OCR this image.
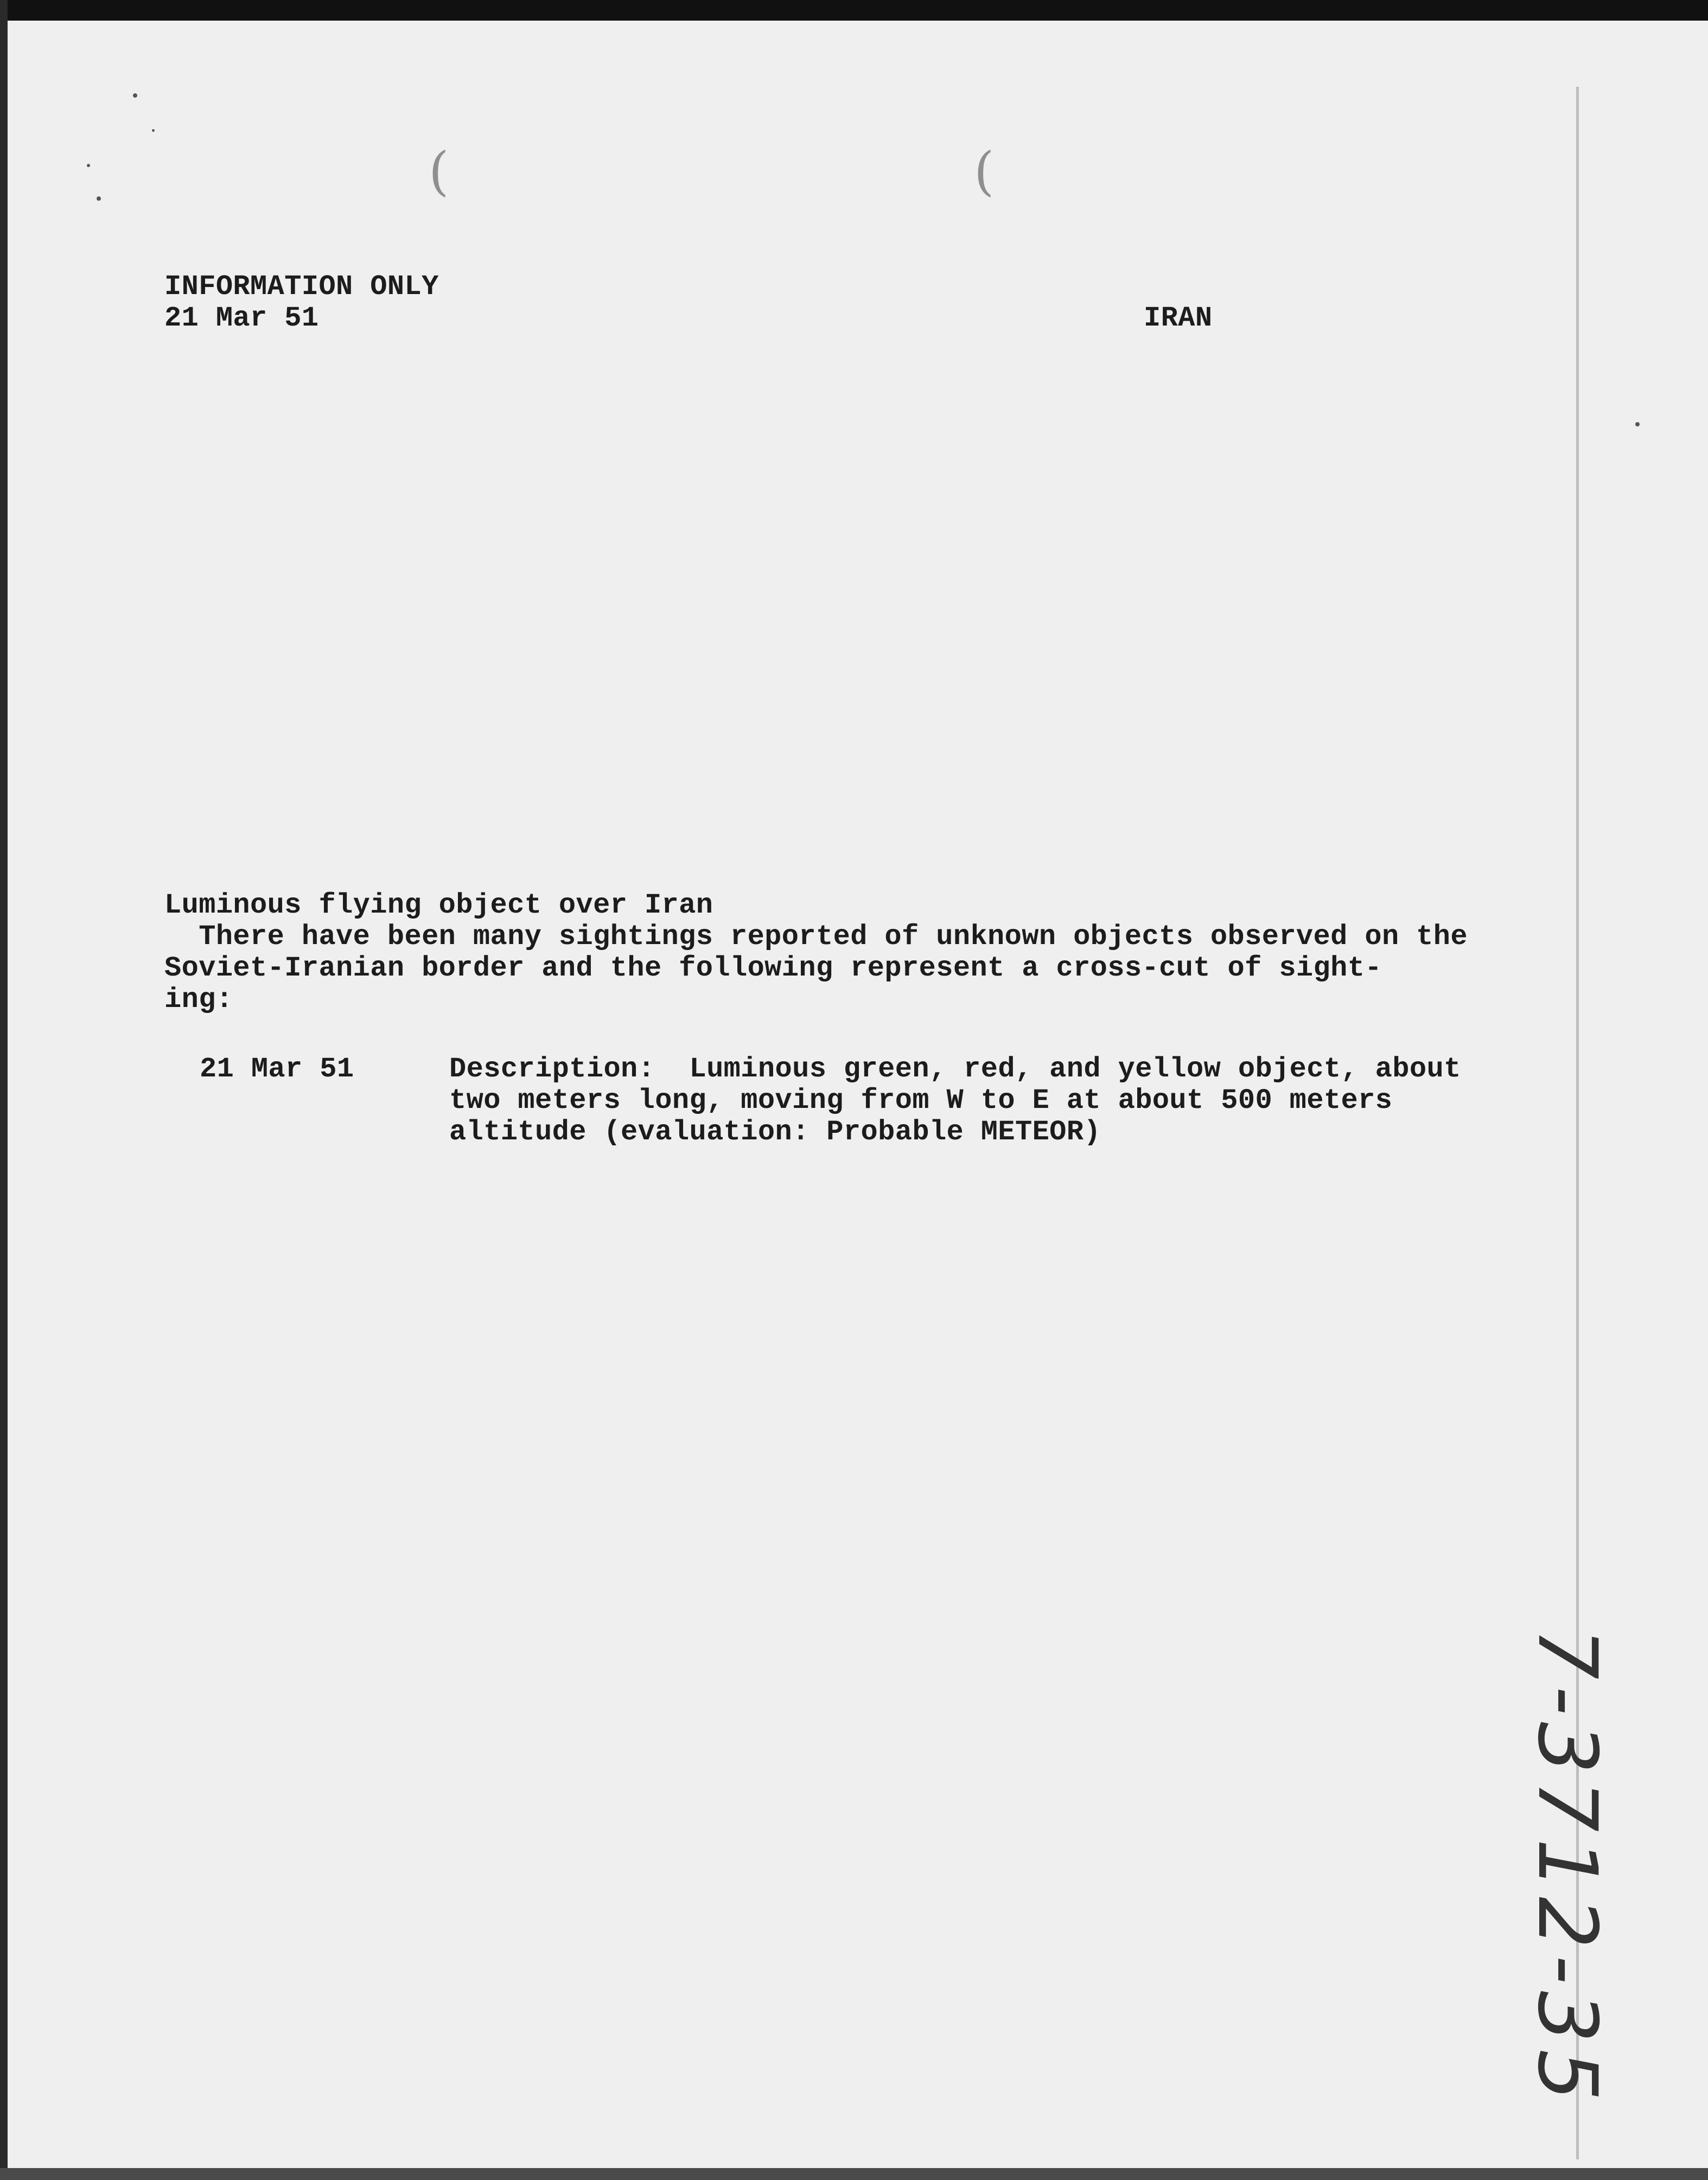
(	(
INFORMATION ONLY
21 Mar 51	IRAN
Luminous flying object over Iran
There have been many sightings reported of unknown objects observed on the
Soviet-Iranian border and the following represent a cross-cut of sight-
ing:
21 Mar 51	Description:  Luminous green, red, and yellow object, about
two meters long, moving from W to E at about 500 meters
altitude (evaluation: Probable METEOR)
7-3712-35
